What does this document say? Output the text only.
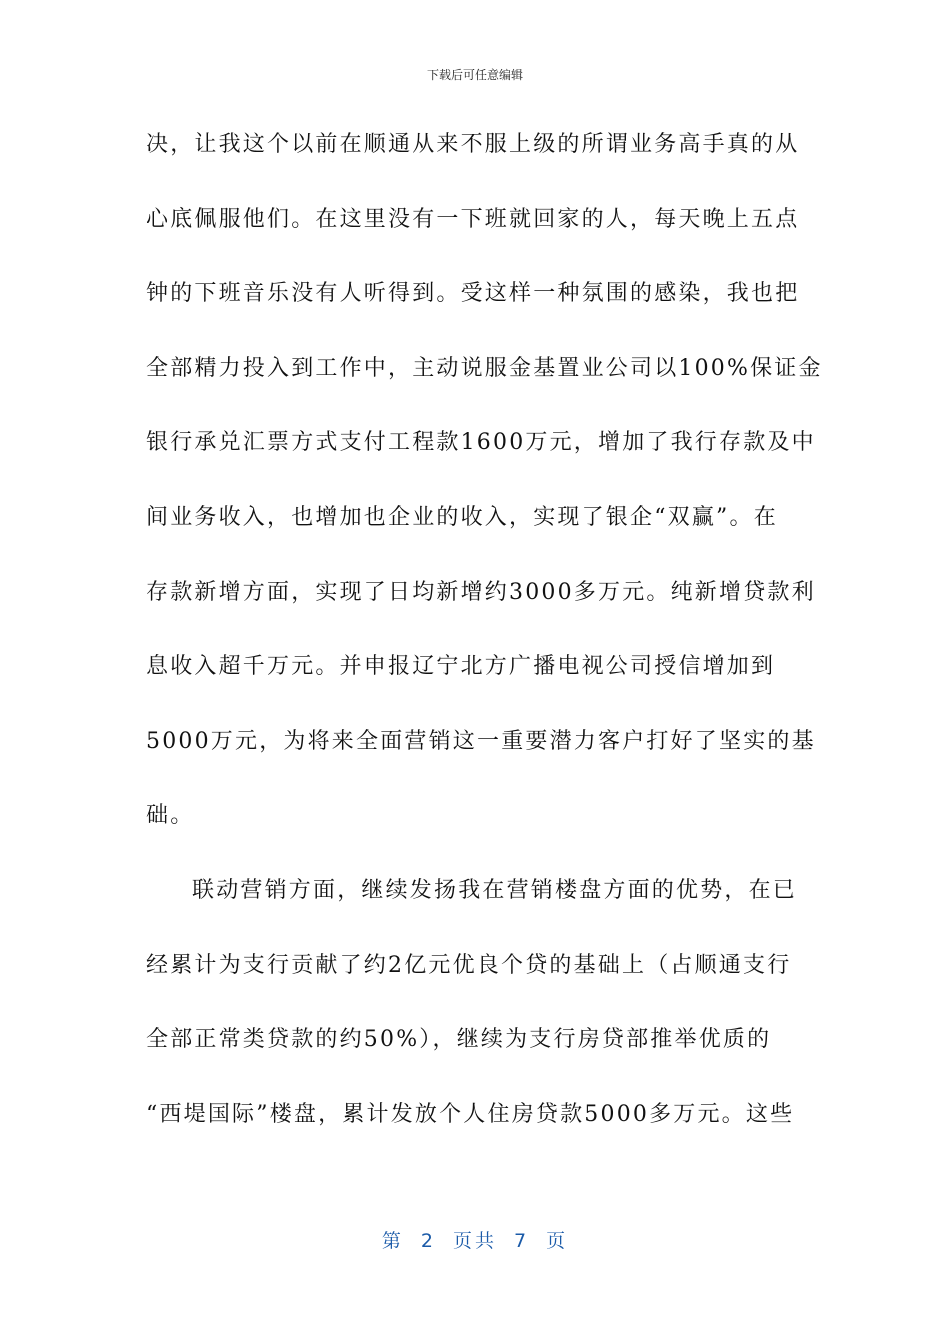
下载后可任意编辑
决，让我这个以前在顺通从来不服上级的所谓业务高手真的从
心底佩服他们。在这里没有一下班就回家的人，每天晚上五点
钟的下班音乐没有人听得到。受这样一种氛围的感染，我也把
全部精力投入到工作中，主动说服金基置业公司以100%保证金
银行承兑汇票方式支付工程款1600万元，增加了我行存款及中
间业务收入，也增加也企业的收入，实现了银企“双赢”。在
存款新增方面，实现了日均新增约3000多万元。纯新增贷款利
息收入超千万元。并申报辽宁北方广播电视公司授信增加到
5000万元，为将来全面营销这一重要潜力客户打好了坚实的基
础。
联动营销方面，继续发扬我在营销楼盘方面的优势，在已
经累计为支行贡献了约2亿元优良个贷的基础上（占顺通支行
全部正常类贷款的约50%），继续为支行房贷部推举优质的
“西堤国际”楼盘，累计发放个人住房贷款5000多万元。这些
第 2 页共 7 页
